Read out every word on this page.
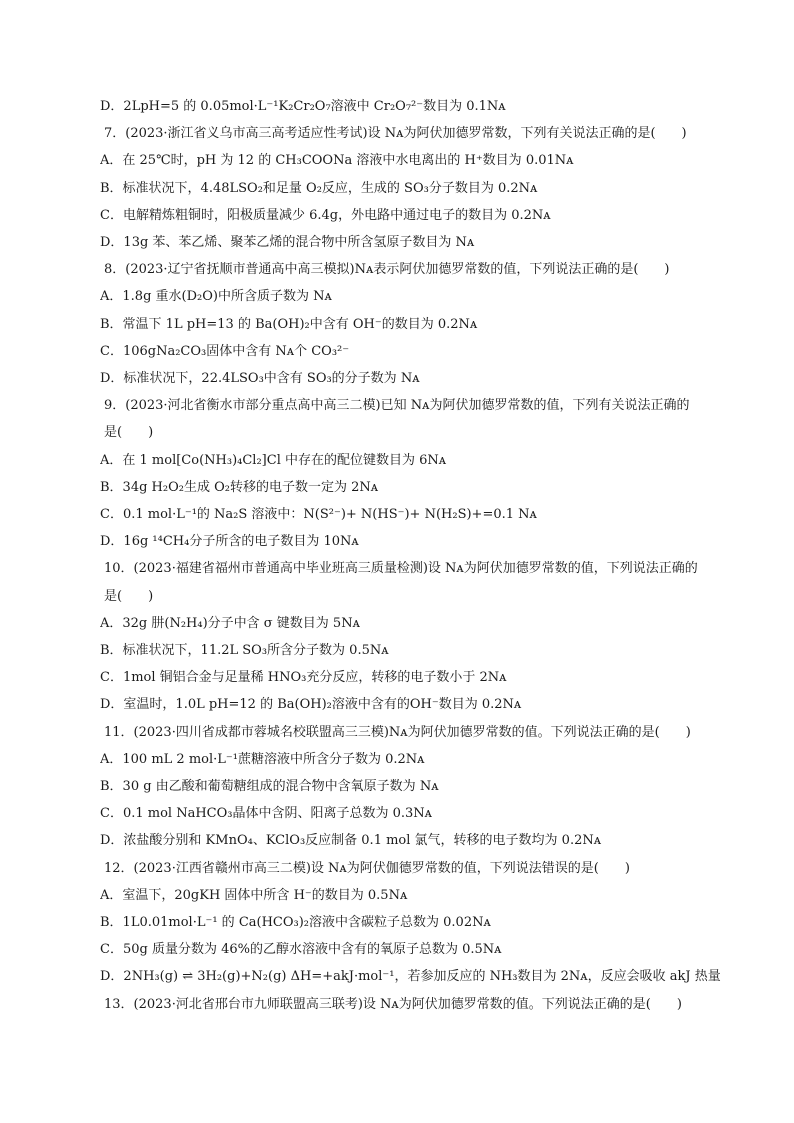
D．2LpH=5 的 0.05mol·L⁻¹K₂Cr₂O₇溶液中 Cr₂O₇²⁻数目为 0.1Nᴀ
7．(2023·浙江省义乌市高三高考适应性考试)设 Nᴀ为阿伏加德罗常数，下列有关说法正确的是(　　)
A．在 25℃时，pH 为 12 的 CH₃COONa 溶液中水电离出的 H⁺数目为 0.01Nᴀ
B．标准状况下，4.48LSO₂和足量 O₂反应，生成的 SO₃分子数目为 0.2Nᴀ
C．电解精炼粗铜时，阳极质量减少 6.4g，外电路中通过电子的数目为 0.2Nᴀ
D．13g 苯、苯乙烯、聚苯乙烯的混合物中所含氢原子数目为 Nᴀ
8．(2023·辽宁省抚顺市普通高中高三模拟)Nᴀ表示阿伏加德罗常数的值，下列说法正确的是(　　)
A．1.8g 重水(D₂O)中所含质子数为 Nᴀ
B．常温下 1L pH=13 的 Ba(OH)₂中含有 OH⁻的数目为 0.2Nᴀ
C．106gNa₂CO₃固体中含有 Nᴀ个 CO₃²⁻
D．标准状况下，22.4LSO₃中含有 SO₃的分子数为 Nᴀ
9．(2023·河北省衡水市部分重点高中高三二模)已知 Nᴀ为阿伏加德罗常数的值，下列有关说法正确的
是(　　)
A．在 1 mol[Co(NH₃)₄Cl₂]Cl 中存在的配位键数目为 6Nᴀ
B．34g H₂O₂生成 O₂转移的电子数一定为 2Nᴀ
C．0.1 mol·L⁻¹的 Na₂S 溶液中：N(S²⁻)+ N(HS⁻)+ N(H₂S)+=0.1 Nᴀ
D．16g ¹⁴CH₄分子所含的电子数目为 10Nᴀ
10．(2023·福建省福州市普通高中毕业班高三质量检测)设 Nᴀ为阿伏加德罗常数的值，下列说法正确的
是(　　)
A．32g 肼(N₂H₄)分子中含 σ 键数目为 5Nᴀ
B．标准状况下，11.2L SO₃所含分子数为 0.5Nᴀ
C．1mol 铜铝合金与足量稀 HNO₃充分反应，转移的电子数小于 2Nᴀ
D．室温时，1.0L pH=12 的 Ba(OH)₂溶液中含有的OH⁻数目为 0.2Nᴀ
11．(2023·四川省成都市蓉城名校联盟高三三模)Nᴀ为阿伏加德罗常数的值。下列说法正确的是(　　)
A．100 mL 2 mol·L⁻¹蔗糖溶液中所含分子数为 0.2Nᴀ
B．30 g 由乙酸和葡萄糖组成的混合物中含氧原子数为 Nᴀ
C．0.1 mol NaHCO₃晶体中含阴、阳离子总数为 0.3Nᴀ
D．浓盐酸分别和 KMnO₄、KClO₃反应制备 0.1 mol 氯气，转移的电子数均为 0.2Nᴀ
12．(2023·江西省赣州市高三二模)设 Nᴀ为阿伏伽德罗常数的值，下列说法错误的是(　　)
A．室温下，20gKH 固体中所含 H⁻的数目为 0.5Nᴀ
B．1L0.01mol·L⁻¹ 的 Ca(HCO₃)₂溶液中含碳粒子总数为 0.02Nᴀ
C．50g 质量分数为 46%的乙醇水溶液中含有的氧原子总数为 0.5Nᴀ
D．2NH₃(g) ⇌ 3H₂(g)+N₂(g) ΔH=+akJ·mol⁻¹，若参加反应的 NH₃数目为 2Nᴀ，反应会吸收 akJ 热量
13．(2023·河北省邢台市九师联盟高三联考)设 Nᴀ为阿伏加德罗常数的值。下列说法正确的是(　　)
